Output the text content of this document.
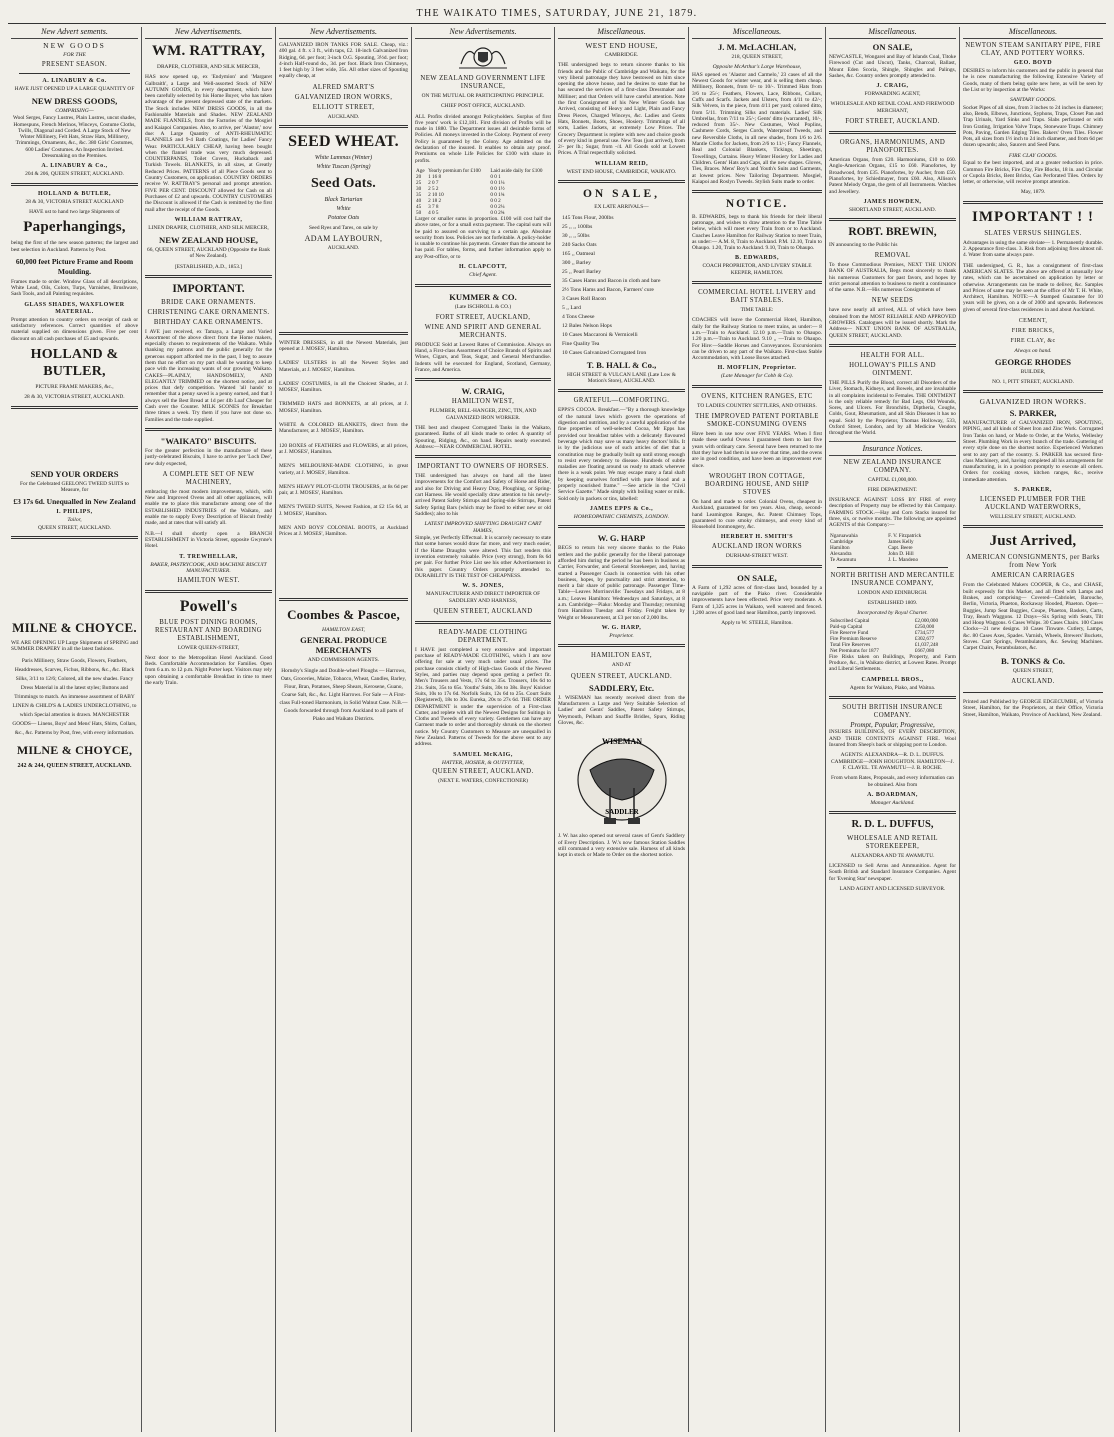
THE WAIKATO TIMES, SATURDAY, JUNE 21, 1879.
New Advert sements.
NEW GOODS
FOR THE
PRESENT SEASON.
A. LINABURY & Co.
HAVE JUST OPENED UP A LARGE QUANTITY OF
NEW DRESS GOODS,
COMPRISING—
Wool Serges, Fancy Lustres, Plain Lustres, uncut shades, Homespuns, French Merinos, Winceys, Costume Cloths, Twills, Diagonal and Corded. A Large Stock of New Winter Millinery, Felt Hats, Straw Hats, Millinery, Trimmings, Ornaments, &c., &c. 380 Girls' Costumes, 600 Ladies' Costumes. An Inspection Invited. Dressmaking on the Premises.
A. LINABURY & Co.,
204 & 206, QUEEN STREET, AUCKLAND.
HOLLAND & BUTLER,
28 & 30, VICTORIA STREET AUCKLAND
HAVE ust to hand two large Shipments of
Paperhangings,
being the first of the new season patterns; the largest and best selection in Auckland. Patterns by Post.
60,000 feet Picture Frame and Room Moulding.
Frames made to order. Window Glass of all descriptions, White Lead, Oils, Colors, Turps, Varnishes, Brushware, Sash Tools, and all Painting requisites.
GLASS SHADES, WAXFLOWER MATERIAL.
Prompt attention to country orders on receipt of cash or satisfactory references. Correct quantities of above material supplied on dimensions given. Five per cent discount on all cash purchases of £5 and upwards.
HOLLAND & BUTLER,
PICTURE FRAME MAKERS, &c.,
28 & 30, VICTORIA STREET, AUCKLAND.
SEND YOUR ORDERS
For the Celebrated GEELONG TWEED SUITS to Measure, for
£3 17s 6d. Unequalled in New Zealand
I. PHILIPS,
Tailor,
QUEEN STREET, AUCKLAND.
MILNE & CHOYCE.
WE ARE OPENING UP Large Shipments of SPRING and SUMMER DRAPERY in all the latest fashions.
Paris Millinery, Straw Goods, Flowers, Feathers, Headdresses, Scarves, Fichus, Ribbons, &c., &c. Black Silks, 3/11 to 12/6; Colored, all the new shades. Fancy Dress Material in all the latest styles; Buttons and Trimmings to match. An immense assortment of BABY LINEN & CHILD'S & LADIES UNDERCLOTHING, to which Special attention is drawn. MANCHESTER GOODS— Linens, Boys' and Mens' Hats, Shirts, Collars, &c., &c. Patterns by Post, free, with every information.
MILNE & CHOYCE,
242 & 244, QUEEN STREET, AUCKLAND.
New Advertisements.
WM. RATTRAY,
DRAPER, CLOTHIER, AND SILK MERCER,
HAS now opened up, ex 'Endymion' and 'Margaret Galbraith', a Large and Well-assorted Stock of NEW AUTUMN GOODS, in every department, which have been carefully selected by his Home Buyer, who has taken advantage of the present depressed state of the markets. The Stock includes NEW DRESS GOODS, in all the Fashionable Materials and Shades. NEW ZEALAND MADE FLANNELS, from the Factories of the Mosgiel and Kaiapoi Companies. Also, to arrive, per 'Alastor,' now due: A Large Quantity of ANTI-RHEUMATIC FLANNELS and 9-4 Bath Coatings, for Ladies' Fancy Wear. PARTICULARLY CHEAP, having been bought when the flannel trade was very much depressed. COUNTERPANES, Toilet Covers, Huckaback and Turkish Towels. BLANKETS, in all sizes, at Greatly Reduced Prices. PATTERNS of all Piece Goods sent to Country Customers, on application. COUNTRY ORDERS receive W. RATTRAY'S personal and prompt attention. FIVE PER CENT. DISCOUNT allowed for Cash on all Purchases of £2 and upwards. COUNTRY CUSTOMERS the Discount is allowed if the Cash is remitted by the first mail after the receipt of the Goods.
WILLIAM RATTRAY,
LINEN DRAPER, CLOTHIER, AND SILK MERCER,
NEW ZEALAND HOUSE,
66, QUEEN STREET, AUCKLAND (Opposite the Bank of New Zealand).
[ESTABLISHED, A.D., 1853.]
IMPORTANT.
BRIDE CAKE ORNAMENTS.
CHRISTENING CAKE ORNAMENTS.
BIRTHDAY CAKE ORNAMENTS.
I AVE just received, ex Tamaya, a Large and Varied Assortment of the above direct from the Home makers, especially chosen to requirements of the Waikato. While thanking my patrons and the public generally for the generous support afforded me in the past, I beg to assure them that no effort on my part shall be wanting to keep pace with the increasing wants of our growing Waikato. CAKES—PLAINLY, HANDSOMELY, AND ELEGANTLY TRIMMED on the shortest notice, and at prices that defy competition. Wanted 'all hands' to remember that a penny saved is a penny earned, and that I always sell the Best Bread at 1d per 4lb Loaf Cheaper for Cash over the Counter. MILK SCONES for Breakfast three times a week. Try them if you have not done so. Families and the trade supplied.
"WAIKATO" BISCUITS.
For the greater perfection in the manufacture of these justly-celebrated Biscuits, I have to arrive per 'Loch Dee', new duly expected,
A COMPLETE SET OF NEW MACHINERY,
embracing the most modern improvements, which, with New and Improved Ovens and all other appliances, will enable me to place this manufacture among one of the ESTABLISHED INDUSTRIES of the Waikato, and enable me to supply Every Description of Biscuit freshly made, and at rates that will satisfy all.
N.B.—I shall shortly open a BRANCH ESTABLISHMENT in Victoria Street, opposite Gwynne's Hotel.
T. TREWHELLAR,
BAKER, PASTRYCOOK, AND MACHINE BISCUIT MANUFACTURER.
HAMILTON WEST.
Powell's
BLUE POST DINING ROOMS, RESTAURANT AND BOARDING ESTABLISHMENT,
LOWER QUEEN-STREET,
Next door to the Metropolitan Hotel Auckland. Good Beds. Comfortable Accommodation for Families. Open from 6 a.m. to 12 p.m. Night Porter kept. Visitors may rely upon obtaining a comfortable Breakfast in time to meet the early Train.
New Advertisements.
GALVANIZED IRON TANKS FOR SALE. Cheap, viz.: 400 gal. 4 ft. x 3 ft., with taps, £2. 18-inch Galvanized Iron Ridging, 6d. per foot; 3-inch O.G. Spouting, 3½d. per foot; 4-inch Half-round do., 3d. per foot. Black Iron Chimneys, 1 feet high by 3 feet wide, 35s. All other sizes of Spouting equally cheap, at
ALFRED SMART'S
GALVANIZED IRON WORKS,
ELLIOTT STREET,
AUCKLAND.
SEED WHEAT.
White Lammas (Winter)
White Tuscan (Spring)
Seed Oats.
Black Tartarian
White
Potatoe Oats
Seed Ryes and Tares, on sale by
ADAM LAYBOURN,
AUCKLAND.
WINTER DRESSES, in all the Newest Materials, just opened at J. MOSES', Hamilton.
LADIES' ULSTERS in all the Newest Styles and Materials, at J. MOSES', Hamilton.
LADIES' COSTUMES, in all the Choicest Shades, at J. MOSES', Hamilton.
TRIMMED HATS and BONNETS, at all prices, at J. MOSES', Hamilton.
WHITE & COLORED BLANKETS, direct from the Manufacturer, at J. MOSES', Hamilton.
120 BOXES of FEATHERS and FLOWERS, at all prices, at J. MOSES', Hamilton.
MEN'S MELBOURNE-MADE CLOTHING, in great variety, at J. MOSES', Hamilton.
MEN'S HEAVY PILOT-CLOTH TROUSERS, at 8s 6d per pair, at J. MOSES', Hamilton.
MEN'S TWEED SUITS, Newest Fashion, at £2 15s 6d, at J. MOSES', Hamilton.
MEN AND BOYS' COLONIAL BOOTS, at Auckland Prices at J. MOSES', Hamilton.
Coombes & Pascoe,
HAMILTON EAST,
GENERAL PRODUCE MERCHANTS
AND COMMISSION AGENTS.
Hornsby's Single and Double-wheel Ploughs — Harrows, Oats, Groceries, Maize, Tobacco, Wheat, Candles, Barley, Flour, Bran, Potatoes, Sheep Shears, Kerosene, Guano, Coarse Salt, &c., &c. Light Harrows. For Sale — A First-class Full-toned Harmonium, in Solid Walnut Case. N.B.—Goods forwarded through from Auckland to all parts of Piako and Waikato Districts.
New Advertisements.
NEW ZEALAND GOVERNMENT LIFE INSURANCE,
ON THE MUTUAL OR PARTICIPATING PRINCIPLE.
CHIEF POST OFFICE, AUCKLAND.
ALL Profits divided amongst Policyholders. Surplus of first five years' work is £12,181. First division of Profits will be made in 1880. The Department issues all desirable forms of Policies. All moneys invested in the Colony. Payment of every Policy is guaranteed by the Colony. Age admitted on the declaration of the insured. It enables to obtain any proof. Premiums on whole Life Policies for £100 with share in profits.
Age	Yearly premium for £100	Laid aside daily for £100
20	1 16 8	0 0 1
25	2 0 7	0 0 1¼
30	2 5 2	0 0 1½
35	2 10 10	0 0 1¾
40	2 18 2	0 0 2
45	3 7 8	0 0 2¼
50	4 0 5	0 0 2¾
Larger or smaller sums in proportion. £100 will cost half the above rates, or for a small extra payment. The capital sum will be paid to assured on surviving to a certain age. Absolute security from loss. Policies are not forfeitable. A policy-holder is unable to continue his payments. Greater than the amount he has paid. For tables, forms, and further information apply to any Post-office, or to
H. CLAPCOTT,
Chief Agent.
KUMMER & CO.
(Late ISCHROLL & CO.)
FORT STREET, AUCKLAND,
WINE AND SPIRIT AND GENERAL MERCHANTS.
PRODUCE Sold at Lowest Rates of Commission. Always on Hand, a First-class Assortment of Choice Brands of Spirits and Wines, Cigars, and Teas, Sugar, and General Merchandise. Indents will be executed for England, Scotland, Germany, France, and America.
W. CRAIG,
HAMILTON WEST,
PLUMBER, BELL-HANGER, ZINC, TIN, AND GALVANIZED IRON WORKER.
THE best and cheapest Corrugated Tanks in the Waikato, guaranteed. Baths of all kinds made to order. A quantity of Spouting, Ridging, &c., on hand. Repairs neatly executed. Address:—NEAR COMMERCIAL HOTEL.
IMPORTANT TO OWNERS OF HORSES.
THE undersigned has always on hand all the latest improvements for the Comfort and Safety of Horse and Rider, and also for Driving and Heavy Dray, Ploughing, or Spring-cart Harness. He would specially draw attention to his newly-arrived Patent Safety Stirrups and Spring-side Stirrups, Patent Safety Spring Bars (which may be fixed to either new or old Saddles); also to his
LATEST IMPROVED SHIFTING DRAUGHT CART HAMES,
Simple, yet Perfectly Effectual. It is scarcely necessary to state that some horses would draw far more, and very much easier, if the Hame Draughts were altered. This fact renders this invention extremely valuable. Price (very strong), from 8s 6d per pair. For further Price List see his other Advertisement in this paper. Country Orders promptly attended to. DURABILITY IS THE TEST OF CHEAPNESS.
W. S. JONES,
MANUFACTURER AND DIRECT IMPORTER OF SADDLERY AND HARNESS,
QUEEN STREET, AUCKLAND
READY-MADE CLOTHING DEPARTMENT.
I HAVE just completed a very extensive and important purchase of READY-MADE CLOTHING, which I am now offering for sale at very much under usual prices. The purchase consists chiefly of High-class Goods of the Newest Styles, and parties may depend upon getting a perfect fit. Men's Trousers and Vests, 17s 6d to 35s. Trousers, 10s 6d to 21s. Suits, 35s to 65s. Youths' Suits, 30s to 38s. Boys' Knicker Suits, 10s to 17s 6d. Norfolk Suits, 12s 6d to 25s. Court Suits (Registered), 18s to 30s. Eureka, 20s to 27s 6d. THE ORDER DEPARTMENT is under the supervision of a First-class Cutter, and replete with all the Newest Designs for Suitings in Cloths and Tweeds of every variety. Gentlemen can have any Garment made to order and thoroughly shrunk on the shortest notice. My Country Customers to Measure are unequalled in New Zealand. Patterns of Tweeds for the above sent to any address.
SAMUEL McKAIG,
HATTER, HOSIER, & OUTFITTER,
QUEEN STREET, AUCKLAND.
(NEXT E. WATERS, CONFECTIONER)
Miscellaneous.
WEST END HOUSE,
CAMBRIDGE.
THE undersigned begs to return sincere thanks to his friends and the Public of Cambridge and Waikato, for the very liberal patronage they have bestowed on him since opening the above house, and he desires to state that he has secured the services of a first-class Dressmaker and Milliner; and that Orders will have careful attention. Note the first Consignment of his New Winter Goods has Arrived, consisting of Heavy and Light, Plain and Fancy Dress Pieces, Charged Winceys, &c. Ladies and Gents Hats, Bonnets, Boots, Shoes, Hosiery. Trimmings of all sorts, Ladies Jackets, at extremely Low Prices. The Grocery Department is replete with new and choice goods of every kind in general use. New Teas (just arrived), from 2/- per lb.; Sugar, from -/4. All Goods sold at Lowest Prices. A Trial respectfully solicited.
WILLIAM REID,
WEST END HOUSE, CAMBRIDGE, WAIKATO.
ON SALE,
EX LATE ARRIVALS—
145 Tons Flour, 200lbs
25 ,, ,, 100lbs
30 ,, ,, 50lbs
240 Sacks Oats
165 ,, Oatmeal
300 ,, Barley
25 ,, Pearl Barley
35 Cases Hams and Bacon in cloth and bare
2½ Tons Hams and Bacon, Farmers' cure
3 Cases Roll Bacon
5 ,, Lard
4 Tons Cheese
12 Bales Nelson Hops
10 Cases Maccaroni & Vermicelli
Fine Quality Tea
10 Cases Galvanized Corrugated Iron
T. B. HALL & Co.,
HIGH STREET & VULCAN LANE (Late Low & Motion's Store), AUCKLAND.
GRATEFUL—COMFORTING.
EPPS'S COCOA. Breakfast.—"By a thorough knowledge of the natural laws which govern the operations of digestion and nutrition, and by a careful application of the fine properties of well-selected Cocoa, Mr Epps has provided our breakfast tables with a delicately flavoured beverage which may save us many heavy doctors' bills. It is by the judicious use of such articles of diet that a constitution may be gradually built up until strong enough to resist every tendency to disease. Hundreds of subtle maladies are floating around us ready to attack wherever there is a weak point. We may escape many a fatal shaft by keeping ourselves fortified with pure blood and a properly nourished frame." —See article in the "Civil Service Gazette." Made simply with boiling water or milk. Sold only in packets or tins, labelled:
JAMES EPPS & Co.,
HOMŒOPATHIC CHEMISTS, LONDON.
W. G. HARP
BEGS to return his very sincere thanks to the Piako settlers and the public generally for the liberal patronage afforded him during the period he has been in business as Carrier, Forwarder, and General Storekeeper, and, having started a Passenger Coach in connection with his other business, hopes, by punctuality and strict attention, to merit a fair share of public patronage. Passenger Time-Table—Leaves Morrinsville: Tuesdays and Fridays, at 8 a.m.; Leaves Hamilton: Wednesdays and Saturdays, at 8 a.m. Cambridge—Piako: Monday and Thursday; returning from Hamilton Tuesday and Friday. Freight taken by Weight or Measurement, at £3 per ton of 2,000 lbs.
W. G. HARP,
Proprietor.
HAMILTON EAST,
AND AT
QUEEN STREET, AUCKLAND.
SADDLERY, Etc.
J. WISEMAN has recently received direct from the Manufacturers a Large and Very Suitable Selection of Ladies' and Gents' Saddles, Patent Safety Stirrups, Weymouth, Pelham and Snaffle Bridles, Spurs, Riding Gloves, &c.
WISEMAN
SADDLER
J. W. has also opened out several cases of Gent's Saddlery of Every Description. J. W.'s now famous Station Saddles still command a very extensive sale. Harness of all kinds kept in stock or Made to Order on the shortest notice.
Miscellaneous.
J. M. McLACHLAN,
218, QUEEN STREET,
Opposite McArthur's Large Warehouse,
HAS opened ex 'Alastor and Carmelo,' 23 cases of all the Newest Goods for winter wear, and is selling them cheap. Millinery, Bonnets, from 0/- to 10/-. Trimmed Hats from 3/6 to 25/-; Feathers, Flowers, Lace, Ribbons, Collars, Cuffs and Scarfs. Jackets and Ulsters, from 4/11 to 42/-; Silk Velvets, in the piece, from 4/11 per yard; colored ditto, from 5/11. Trimming Silks and materials. Ladies' Silk Umbrellas, from 7/11 to 25/-; Gents' ditto (warranted), 10/-, reduced from 35/-. New Costumes, Wool Poplins, Cashmere Cords, Serges Cords, Waterproof Tweeds, and new Reversible Cloths, in all new shades, from 1/6 to 2/6. Mantle Cloths for Jackets, from 2/6 to 11/-; Fancy Flannels, Real and Colonial Blankets, Tickings, Sheetings, Towellings, Curtains. Heavy Winter Hosiery for Ladies and Children. Gents' Hats and Caps, all the new shapes. Gloves, Ties, Braces. Mens' Boy's and Youth's Suits and Garments, at lowest prices. New Tailoring Department. Mosgiel, Kaiapoi and Roslyn Tweeds. Stylish Suits made to order.
NOTICE.
B. EDWARDS, begs to thank his friends for their liberal patronage, and wishes to draw attention to the Time Table below, which will meet every Train from or to Auckland. Coaches Leave Hamilton for Railway Station to meet Train, as under:— A.M. 8, Train to Auckland. P.M. 12.10, Train to Ohaupo. 1.20, Train to Auckland. 9.10, Train to Ohaupo.
B. EDWARDS,
COACH PROPRIETOR, AND LIVERY STABLE KEEPER, HAMILTON.
COMMERCIAL HOTEL LIVERY and BAIT STABLES.
TIME TABLE:
COACHES will leave the Commercial Hotel, Hamilton, daily for the Railway Station to meet trains, as under:— 8 a.m.—Train to Auckland. 12.10 p.m.—Train to Ohaupo. 1.20 p.m.—Train to Auckland. 9.10 ,, —Train to Ohaupo. For Hire:—Saddle Horses and Conveyances. Excursionists can be driven to any part of the Waikato. First-class Stable Accommodation, with Loose Boxes attached.
H. MOFFLIN, Proprietor.
(Late Manager for Cobb & Co).
OVENS, KITCHEN RANGES, ETC
TO LADIES COUNTRY SETTLERS, AND OTHERS.
THE IMPROVED PATENT PORTABLE SMOKE-CONSUMING OVENS
Have been in use now over FIVE YEARS. When I first made these useful Ovens I guaranteed them to last five years with ordinary care. Several have been returned to me that they have had them in use over that time, and the ovens are in good condition, and have been an improvement ever since.
WROUGHT IRON COTTAGE, BOARDING HOUSE, AND SHIP STOVES
On hand and made to order. Colonial Ovens, cheapest in Auckland, guaranteed for ten years. Also, cheap, second-hand Leamington Ranges, &c. Patent Chimney Tops, guaranteed to cure smoky chimneys, and every kind of Household Ironmongery, &c.
HERBERT H. SMITH'S
AUCKLAND IRON WORKS
DURHAM-STREET WEST.
ON SALE,
A Farm of 1,292 acres of first-class land, bounded by a navigable part of the Piako river. Considerable improvements have been effected. Price very moderate. A Farm of 1,325 acres in Waikato, well watered and fenced. 1,200 acres of good land near Hamilton, partly improved.
Apply to W. STEELE, Hamilton.
Miscellaneous.
ON SALE,
NEWCASTLE, Wongarei and Bay of Islands Coal, Titoke Firewood (Cut and Uncut), Tanks, Charcoal, Ballast, Mount Eden Scoria, Shingle, Shingles and Palings, Sashes, &c. Country orders promptly attended to.
J. CRAIG,
FORWARDING AGENT,
WHOLESALE AND RETAIL COAL AND FIREWOOD MERCHANT,
FORT STREET, AUCKLAND.
ORGANS, HARMONIUMS, AND PIANOFORTES.
American Organs, from £20. Harmoniums, £10 to £60. Anglo-American Organs, £15 to £60. Pianofortes, by Broadwood, from £35. Pianofortes, by Aucher, from £50. Pianofortes, by Schiedmayer, from £60. Also, Allison's Patent Melody Organ, the gem of all Instruments. Watches and Jewellery.
JAMES HOWDEN,
SHORTLAND STREET, AUCKLAND.
ROBT. BREWIN,
IN announcing to the Public his
REMOVAL
To those Commodious Premises, NEXT THE UNION BANK OF AUSTRALIA, Begs most sincerely to thank his numerous Customers for past favors, and hopes by strict personal attention to business to merit a continuance of the same. N.B.—His numerous Consignments of
NEW SEEDS
have now nearly all arrived, ALL of which have been obtained from the MOST RELIABLE AND APPROVED GROWERS. Catalogues will be issued shortly. Mark the Address— NEXT UNION BANK OF AUSTRALIA, QUEEN STREET, AUCKLAND.
HEALTH FOR ALL.
HOLLOWAY'S PILLS AND OINTMENT.
THE PILLS Purify the Blood, correct all Disorders of the Liver, Stomach, Kidneys, and Bowels, and are invaluable in all complaints incidental to Females. THE OINTMENT is the only reliable remedy for Bad Legs, Old Wounds, Sores, and Ulcers. For Bronchitis, Diptheria, Coughs, Colds, Gout, Rheumatism, and all Skin Diseases it has no equal. Sold by the Proprietor, Thomas Holloway, 533, Oxford Street, London, and by all Medicine Vendors throughout the World.
Insurance Notices.
NEW ZEALAND INSURANCE COMPANY.
CAPITAL £1,000,000.
FIRE DEPARTMENT.
INSURANCE AGAINST LOSS BY FIRE of every description of Property may be effected by this Company. FARMING STOCK.—Hay and Corn Stacks insured for three, six, or twelve months. The following are appointed AGENTS of this Company:—
Ngaruawahia	F. V. Fitzpatrick
Cambridge	James Kelly
Hamilton	Capt. Beere
Alexandra	John D. Hill
Te Awamutu	J. L. Mandeno
NORTH BRITISH AND MERCANTILE INSURANCE COMPANY,
LONDON AND EDINBURGH.
ESTABLISHED 1809.
Incorporated by Royal Charter.
Subscribed Capital	£2,000,000
Paid-up Capital	£250,000
Fire Reserve Fund	£734,577
Fire Premium Reserve	£302,677
Total Fire Reserves	£1,037,248
Net Premiums for 1877	£667,080
Fire Risks taken on Buildings, Property, and Farm Produce, &c., in Waikato district, at Lowest Rates. Prompt and Liberal Settlements.
CAMPBELL BROS.,
Agents for Waikato, Piako, and Waitoa.
SOUTH BRITISH INSURANCE COMPANY.
Prompt, Popular, Progressive,
INSURES BUILDINGS, OF EVERY DESCRIPTION, AND THEIR CONTENTS AGAINST FIRE. Wool Insured from Sheep's back or shipping port to London.
AGENTS: ALEXANDRA—R. D. L. DUFFUS. CAMBRIDGE—JOHN HOUGHTON. HAMILTON—J. F. CLAVEL. TE AWAMUTU—J. B. ROCHE.
From whom Rates, Proposals, and every information can be obtained. Also from
A. BOARDMAN,
Manager Auckland.
R. D. L. DUFFUS,
WHOLESALE AND RETAIL STOREKEEPER,
ALEXANDRA AND TE AWAMUTU.
LICENSED to Sell Arms and Ammunition. Agent for South British and Standard Insurance Companies. Agent for 'Evening Star' newspaper.
LAND AGENT AND LICENSED SURVEYOR.
Miscellaneous.
NEWTON STEAM SANITARY PIPE, FIRE CLAY, AND POTTERY WORKS.
GEO. BOYD
DESIRES to inform his customers and the public in general that he is now manufacturing the following Extensive Variety of Goods, many of them being quite new here, as will be seen by the List or by inspection at the Works:
SANITARY GOODS.
Socket Pipes of all sizes, from 3 inches to 24 inches in diameter; also, Bends, Elbows, Junctions, Syphons, Traps, Closet Pan and Trap Urinals, Yard Sinks and Traps. Slabs perforated or with Iron Grating, Irrigation Valve Traps, Stoneware Traps. Chimney Pots, Paving, Garden Edging Tiles. Bakers' Oven Tiles. Flower Pots, all sizes from 1½ inch to 24 inch diameter, and from 6d per dozen upwards; also, Saucers and Seed Pans.
FIRE CLAY GOODS.
Equal to the best imported, and at a greater reduction in price. Common Fire Bricks, Fire Clay, Fire Blocks, 18 in. and Circular or Cupola Bricks, Bent Bricks, Gas Perforated Tiles. Orders by letter, or otherwise, will receive prompt attention.
May, 1879.
IMPORTANT ! !
SLATES VERSUS SHINGLES.
Advantages in using the same obviate— 1. Permanently durable. 2. Appearance first-class. 3. Risk from adjoining fires almost nil. 4. Water from same always pure.
THE undersigned, G. R., has a consignment of first-class AMERICAN SLATES. The above are offered at unusually low rates, which can be ascertained on application by letter or otherwise. Arrangements can be made to deliver, &c. Samples and Prices of same may be seen at the office of Mr T. H. White, Architect, Hamilton. NOTE:—A Stamped Guarantee for 10 years will be given, on a de of 2000 and upwards. References given of several first-class residences in and about Auckland.
CEMENT,
FIRE BRICKS,
FIRE CLAY, &c
Always on hand.
GEORGE RHODES
BUILDER,
NO. 1, PITT STREET, AUCKLAND.
GALVANIZED IRON WORKS.
S. PARKER,
MANUFACTURER of GALVANIZED IRON, SPOUTING, PIPING, and all kinds of Sheet Iron and Zinc Work. Corrugated Iron Tanks on hand, or Made to Order, at the Works, Wellesley Street. Plumbing Work in every branch of the trade. Guttering of every style done on the shortest notice. Experienced Workmen sent to any part of the country. S. PARKER has secured first-class Machinery, and, having completed all his arrangements for manufacturing, is in a position promptly to execute all orders. Orders for cooking stoves, kitchen ranges, &c., receive immediate attention.
S. PARKER,
LICENSED PLUMBER FOR THE AUCKLAND WATERWORKS,
WELLESLEY STREET, AUCKLAND.
Just Arrived,
AMERICAN CONSIGNMENTS, per Barks from New York
AMERICAN CARRIAGES
From the Celebrated Makers COOPER, & Co., and CHASE, built expressly for this Market, and all fitted with Lamps and Brakes, and comprising— Covered—Cabriolet, Barouche, Berlin, Victoria, Phaeton, Rockaway Hooded, Phaeton. Open—Buggies, Jump Seat Buggies, Coupe, Phaeton, Baskets, Carts, Tray, Beach Waggons. 12 Drays—Six Spring with Seats, Tilt and Hoop Waggons. 6 Cases Whips. 30 Cases Chairs. 100 Cases Clocks—21 new designs. 10 Cases Tinware. Cutlery, Lamps, &c. 80 Cases Axes, Spades. Varnish, Wheels, Brewers' Buckets, Stoves. Cart Springs, Perambulators, &c. Sewing Machines. Carpet Chairs, Perambulators, &c.
B. TONKS & Co.
QUEEN STREET,
AUCKLAND.
Printed and Published by GEORGE EDGECUMBE, of Victoria Street, Hamilton, for the Proprietors, at their Office, Victoria Street, Hamilton, Waikato, Province of Auckland, New Zealand.
